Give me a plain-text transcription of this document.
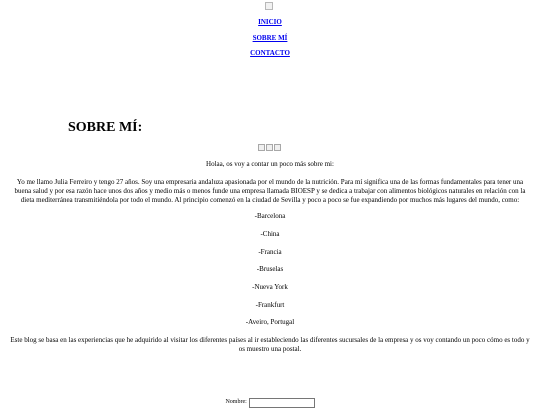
INICIO
SOBRE MÍ
CONTACTO
SOBRE MÍ:

Holaa, os voy a contar un poco más sobre mi:

Yo me llamo Julia Ferreiro y tengo 27 años. Soy una empresaria andaluza apasionada por el mundo de la nutrición. Para mí significa una de las formas fundamentales para tener una buena salud y por esa razón hace unos dos años y medio más o menos funde una empresa llamada BIOESP y se dedica a trabajar con alimentos biológicos naturales en relación con la dieta mediterránea transmitiéndola por todo el mundo. Al principio comenzó en la ciudad de Sevilla y poco a poco se fue expandiendo por muchos más lugares del mundo, como:

-Barcelona

-China

-Francia

-Bruselas

-Nueva York

-Frankfurt

-Aveiro, Portugal

Este blog se basa en las experiencias que he adquirido al visitar los diferentes países al ir estableciendo las diferentes sucursales de la empresa y os voy contando un poco cómo es todo y os muestro una postal.

Nombre:
